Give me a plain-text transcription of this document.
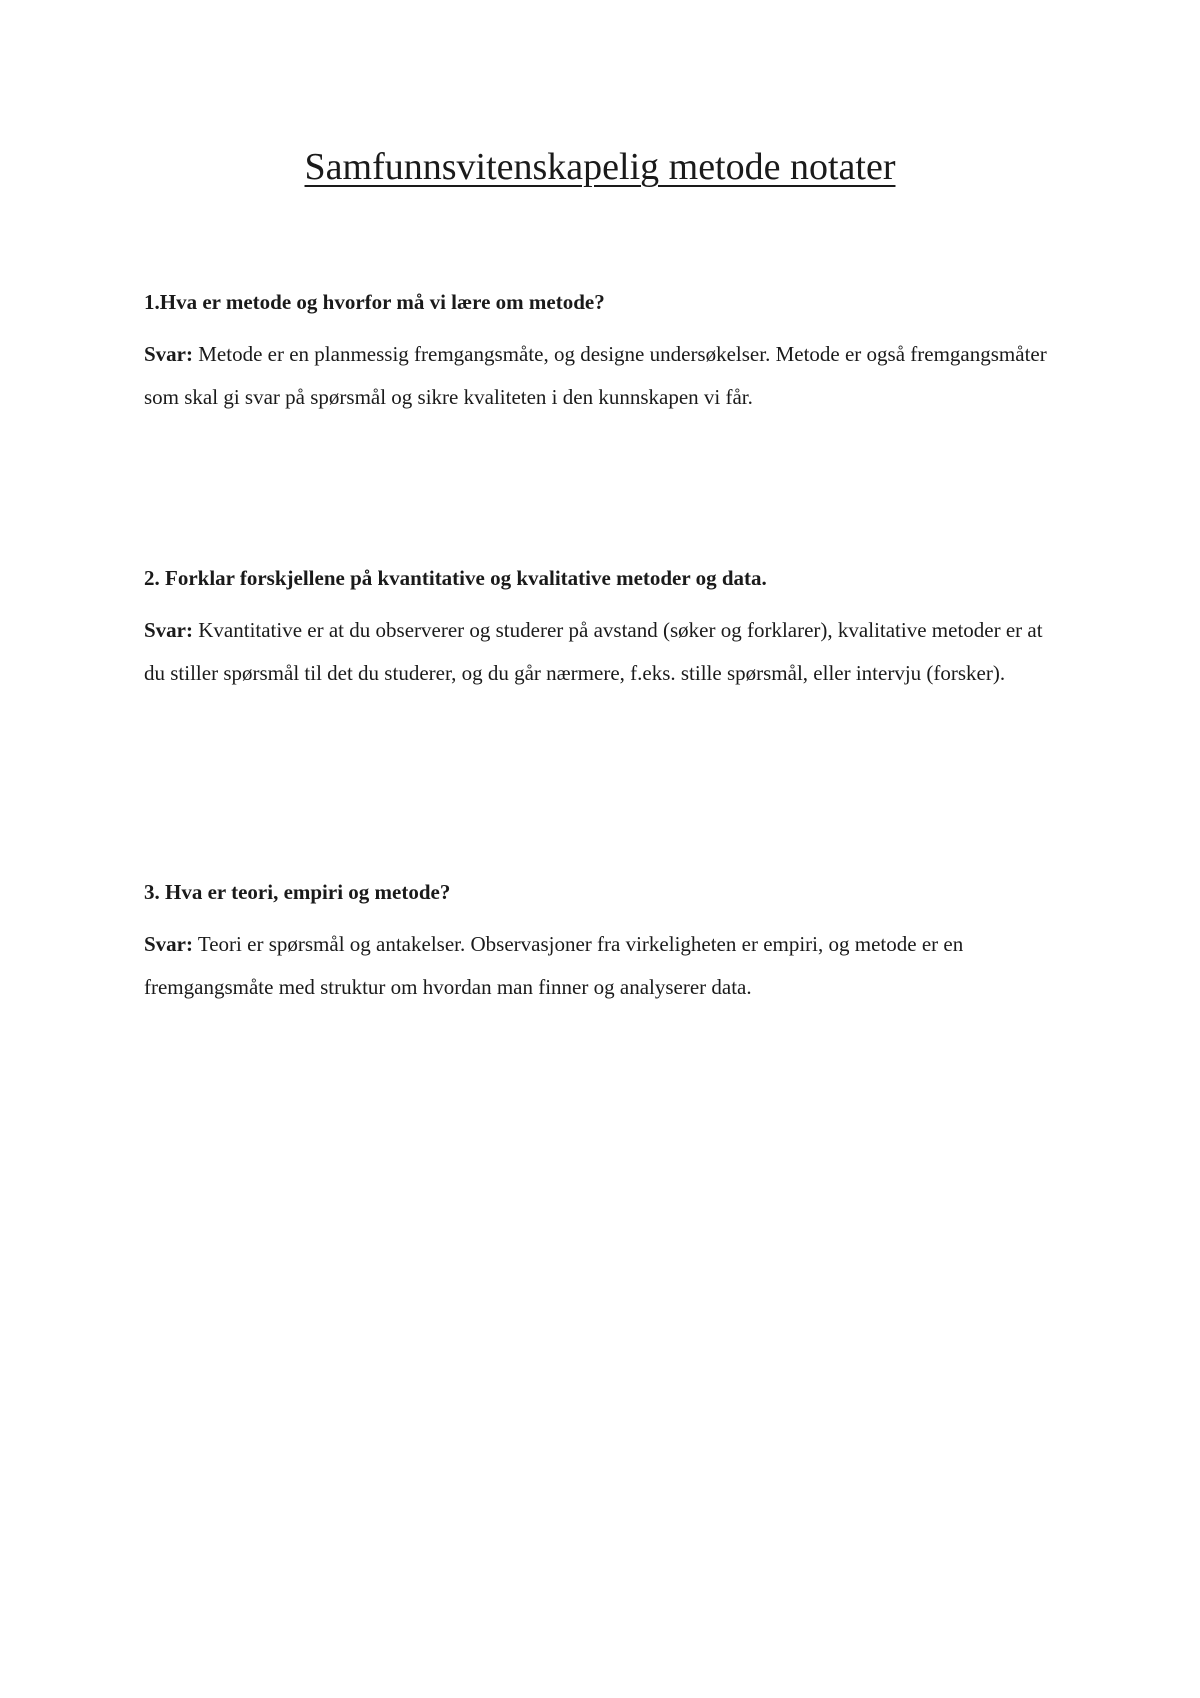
Samfunnsvitenskapelig metode notater

1.Hva er metode og hvorfor må vi lære om metode?

Svar: Metode er en planmessig fremgangsmåte, og designe undersøkelser. Metode er også fremgangsmåter som skal gi svar på spørsmål og sikre kvaliteten i den kunnskapen vi får.

2. Forklar forskjellene på kvantitative og kvalitative metoder og data.

Svar: Kvantitative er at du observerer og studerer på avstand (søker og forklarer), kvalitative metoder er at du stiller spørsmål til det du studerer, og du går nærmere, f.eks. stille spørsmål, eller intervju (forsker).

3. Hva er teori, empiri og metode?

Svar: Teori er spørsmål og antakelser. Observasjoner fra virkeligheten er empiri, og metode er en fremgangsmåte med struktur om hvordan man finner og analyserer data.
